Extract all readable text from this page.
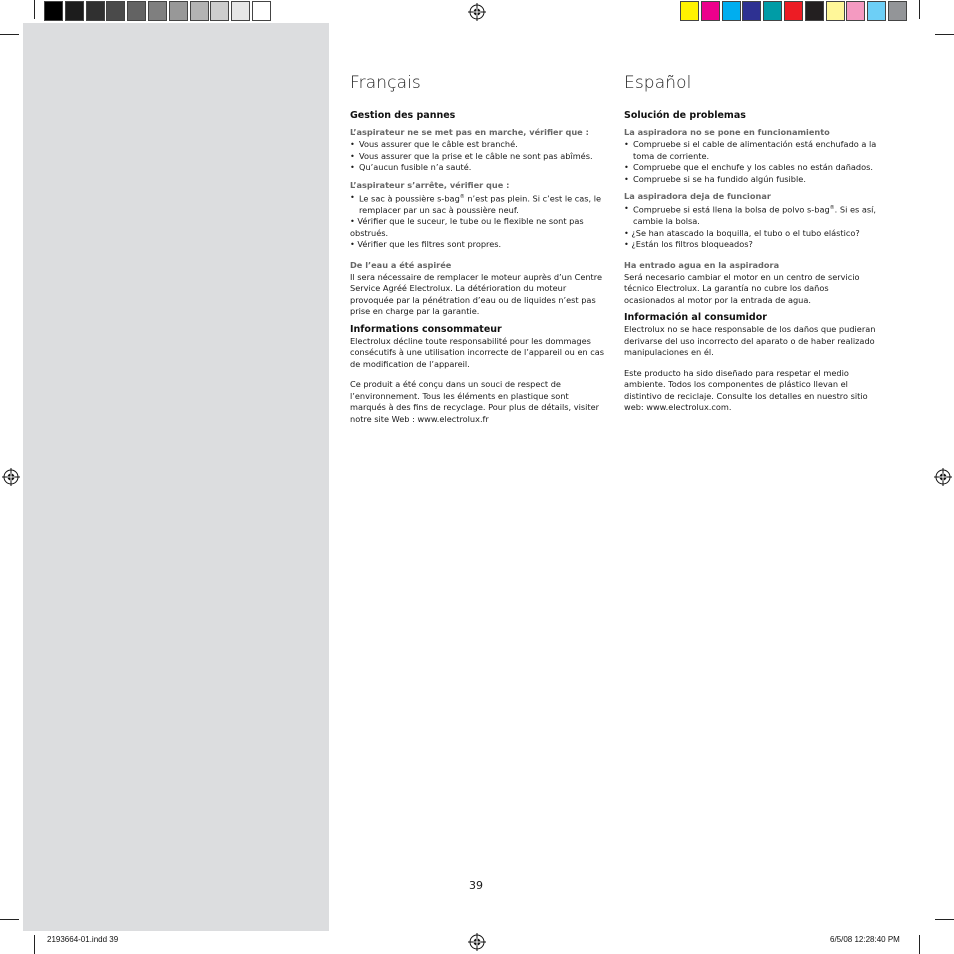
Français
Gestion des pannes
L’aspirateur ne se met pas en marche, vérifier que :
• Vous assurer que le câble est branché.
• Vous assurer que la prise et le câble ne sont pas abîmés.
• Qu’aucun fusible n’a sauté.
L’aspirateur s’arrête, vérifier que :
• Le sac à poussière s-bag® n’est pas plein. Si c’est le cas, le remplacer par un sac à poussière neuf.
• Vérifier que le suceur, le tube ou le flexible ne sont pas obstrués.
• Vérifier que les filtres sont propres.
De l’eau a été aspirée

Il sera nécessaire de remplacer le moteur auprès d’un Centre Service Agréé Electrolux. La détérioration du moteur provoquée par la pénétration d’eau ou de liquides n’est pas prise en charge par la garantie.

Informations consommateur

Electrolux décline toute responsabilité pour les dommages consécutifs à une utilisation incorrecte de l’appareil ou en cas de modification de l’appareil.

Ce produit a été conçu dans un souci de respect de l’environnement. Tous les éléments en plastique sont marqués à des fins de recyclage. Pour plus de détails, visiter notre site Web : www.electrolux.fr

Español
Solución de problemas
La aspiradora no se pone en funcionamiento
• Compruebe si el cable de alimentación está enchufado a la toma de corriente.
• Compruebe que el enchufe y los cables no están dañados.
• Compruebe si se ha fundido algún fusible.
La aspiradora deja de funcionar
• Compruebe si está llena la bolsa de polvo s-bag®. Si es así, cambie la bolsa.
• ¿Se han atascado la boquilla, el tubo o el tubo elástico?
• ¿Están los filtros bloqueados?
Ha entrado agua en la aspiradora

Será necesario cambiar el motor en un centro de servicio técnico Electrolux. La garantía no cubre los daños ocasionados al motor por la entrada de agua.

Información al consumidor

Electrolux no se hace responsable de los daños que pudieran derivarse del uso incorrecto del aparato o de haber realizado manipulaciones en él.

Este producto ha sido diseñado para respetar el medio ambiente. Todos los componentes de plástico llevan el distintivo de reciclaje. Consulte los detalles en nuestro sitio web: www.electrolux.com.

39
2193664-01.indd 39	6/5/08 12:28:40 PM
